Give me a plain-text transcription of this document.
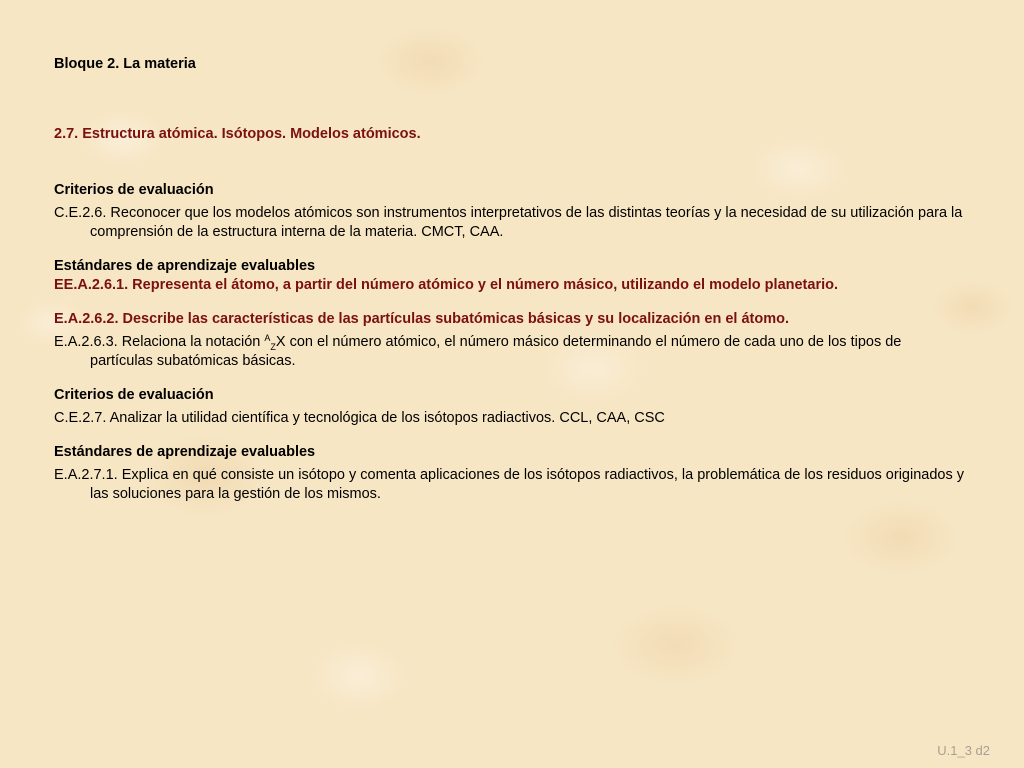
Bloque 2. La materia

2.7. Estructura atómica. Isótopos. Modelos atómicos.

Criterios de evaluación

C.E.2.6. Reconocer que los modelos atómicos son instrumentos interpretativos de las distintas teorías y la necesidad de su utilización para la comprensión de la estructura interna de la materia. CMCT, CAA.

Estándares de aprendizaje evaluables

EE.A.2.6.1. Representa el átomo, a partir del número atómico y el número másico, utilizando el modelo planetario.

E.A.2.6.2. Describe las características de las partículas subatómicas básicas y su localización en el átomo.

E.A.2.6.3. Relaciona la notación $^A_Z$X con el número atómico, el número másico determinando el número de cada uno de los tipos de partículas subatómicas básicas.

Criterios de evaluación

C.E.2.7. Analizar la utilidad científica y tecnológica de los isótopos radiactivos. CCL, CAA, CSC

Estándares de aprendizaje evaluables

E.A.2.7.1. Explica en qué consiste un isótopo y comenta aplicaciones de los isótopos radiactivos, la problemática de los residuos originados y las soluciones para la gestión de los mismos.

U.1_3 d2
